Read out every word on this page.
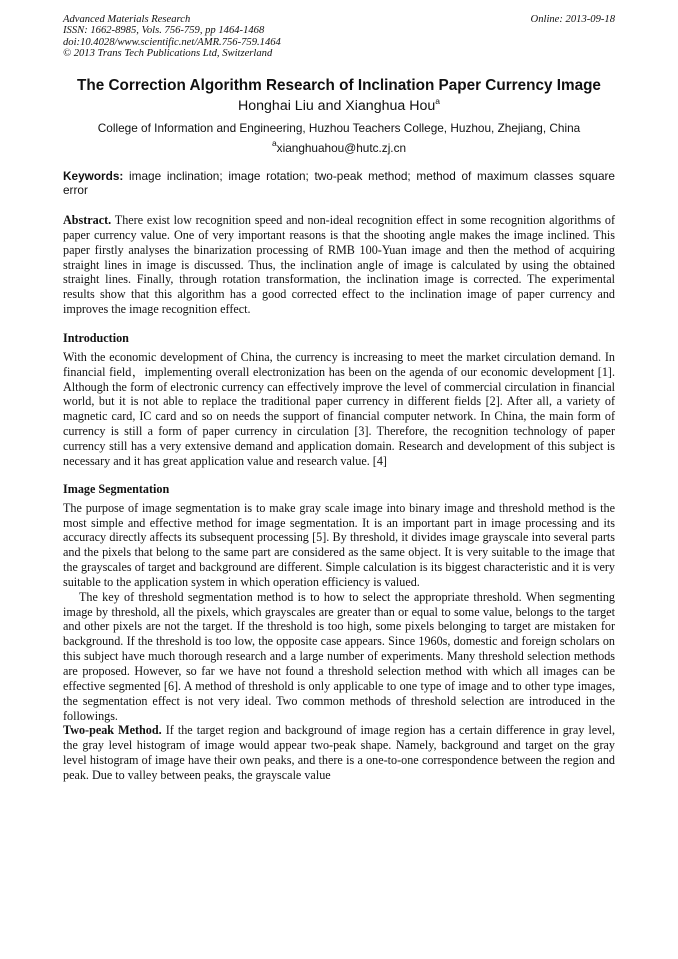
Advanced Materials Research
ISSN: 1662-8985, Vols. 756-759, pp 1464-1468
doi:10.4028/www.scientific.net/AMR.756-759.1464
© 2013 Trans Tech Publications Ltd, Switzerland
Online: 2013-09-18
The Correction Algorithm Research of Inclination Paper Currency Image
Honghai Liu and Xianghua Hou$^a$
College of Information and Engineering, Huzhou Teachers College, Huzhou, Zhejiang, China
$^a$xianghuahou@hutc.zj.cn
Keywords: image inclination; image rotation; two-peak method; method of maximum classes square error
Abstract. There exist low recognition speed and non-ideal recognition effect in some recognition algorithms of paper currency value. One of very important reasons is that the shooting angle makes the image inclined. This paper firstly analyses the binarization processing of RMB 100-Yuan image and then the method of acquiring straight lines in image is discussed. Thus, the inclination angle of image is calculated by using the obtained straight lines. Finally, through rotation transformation, the inclination image is corrected. The experimental results show that this algorithm has a good corrected effect to the inclination image of paper currency and improves the image recognition effect.
Introduction
With the economic development of China, the currency is increasing to meet the market circulation demand. In financial field，implementing overall electronization has been on the agenda of our economic development [1]. Although the form of electronic currency can effectively improve the level of commercial circulation in financial world, but it is not able to replace the traditional paper currency in different fields [2]. After all, a variety of magnetic card, IC card and so on needs the support of financial computer network. In China, the main form of currency is still a form of paper currency in circulation [3]. Therefore, the recognition technology of paper currency still has a very extensive demand and application domain. Research and development of this subject is necessary and it has great application value and research value. [4]
Image Segmentation
The purpose of image segmentation is to make gray scale image into binary image and threshold method is the most simple and effective method for image segmentation. It is an important part in image processing and its accuracy directly affects its subsequent processing [5]. By threshold, it divides image grayscale into several parts and the pixels that belong to the same part are considered as the same object. It is very suitable to the image that the grayscales of target and background are different. Simple calculation is its biggest characteristic and it is very suitable to the application system in which operation efficiency is valued.
The key of threshold segmentation method is to how to select the appropriate threshold. When segmenting image by threshold, all the pixels, which grayscales are greater than or equal to some value, belongs to the target and other pixels are not the target. If the threshold is too high, some pixels belonging to target are mistaken for background. If the threshold is too low, the opposite case appears. Since 1960s, domestic and foreign scholars on this subject have much thorough research and a large number of experiments. Many threshold selection methods are proposed. However, so far we have not found a threshold selection method with which all images can be effective segmented [6]. A method of threshold is only applicable to one type of image and to other type images, the segmentation effect is not very ideal. Two common methods of threshold selection are introduced in the followings.
Two-peak Method. If the target region and background of image region has a certain difference in gray level, the gray level histogram of image would appear two-peak shape. Namely, background and target on the gray level histogram of image have their own peaks, and there is a one-to-one correspondence between the region and peak. Due to valley between peaks, the grayscale value
